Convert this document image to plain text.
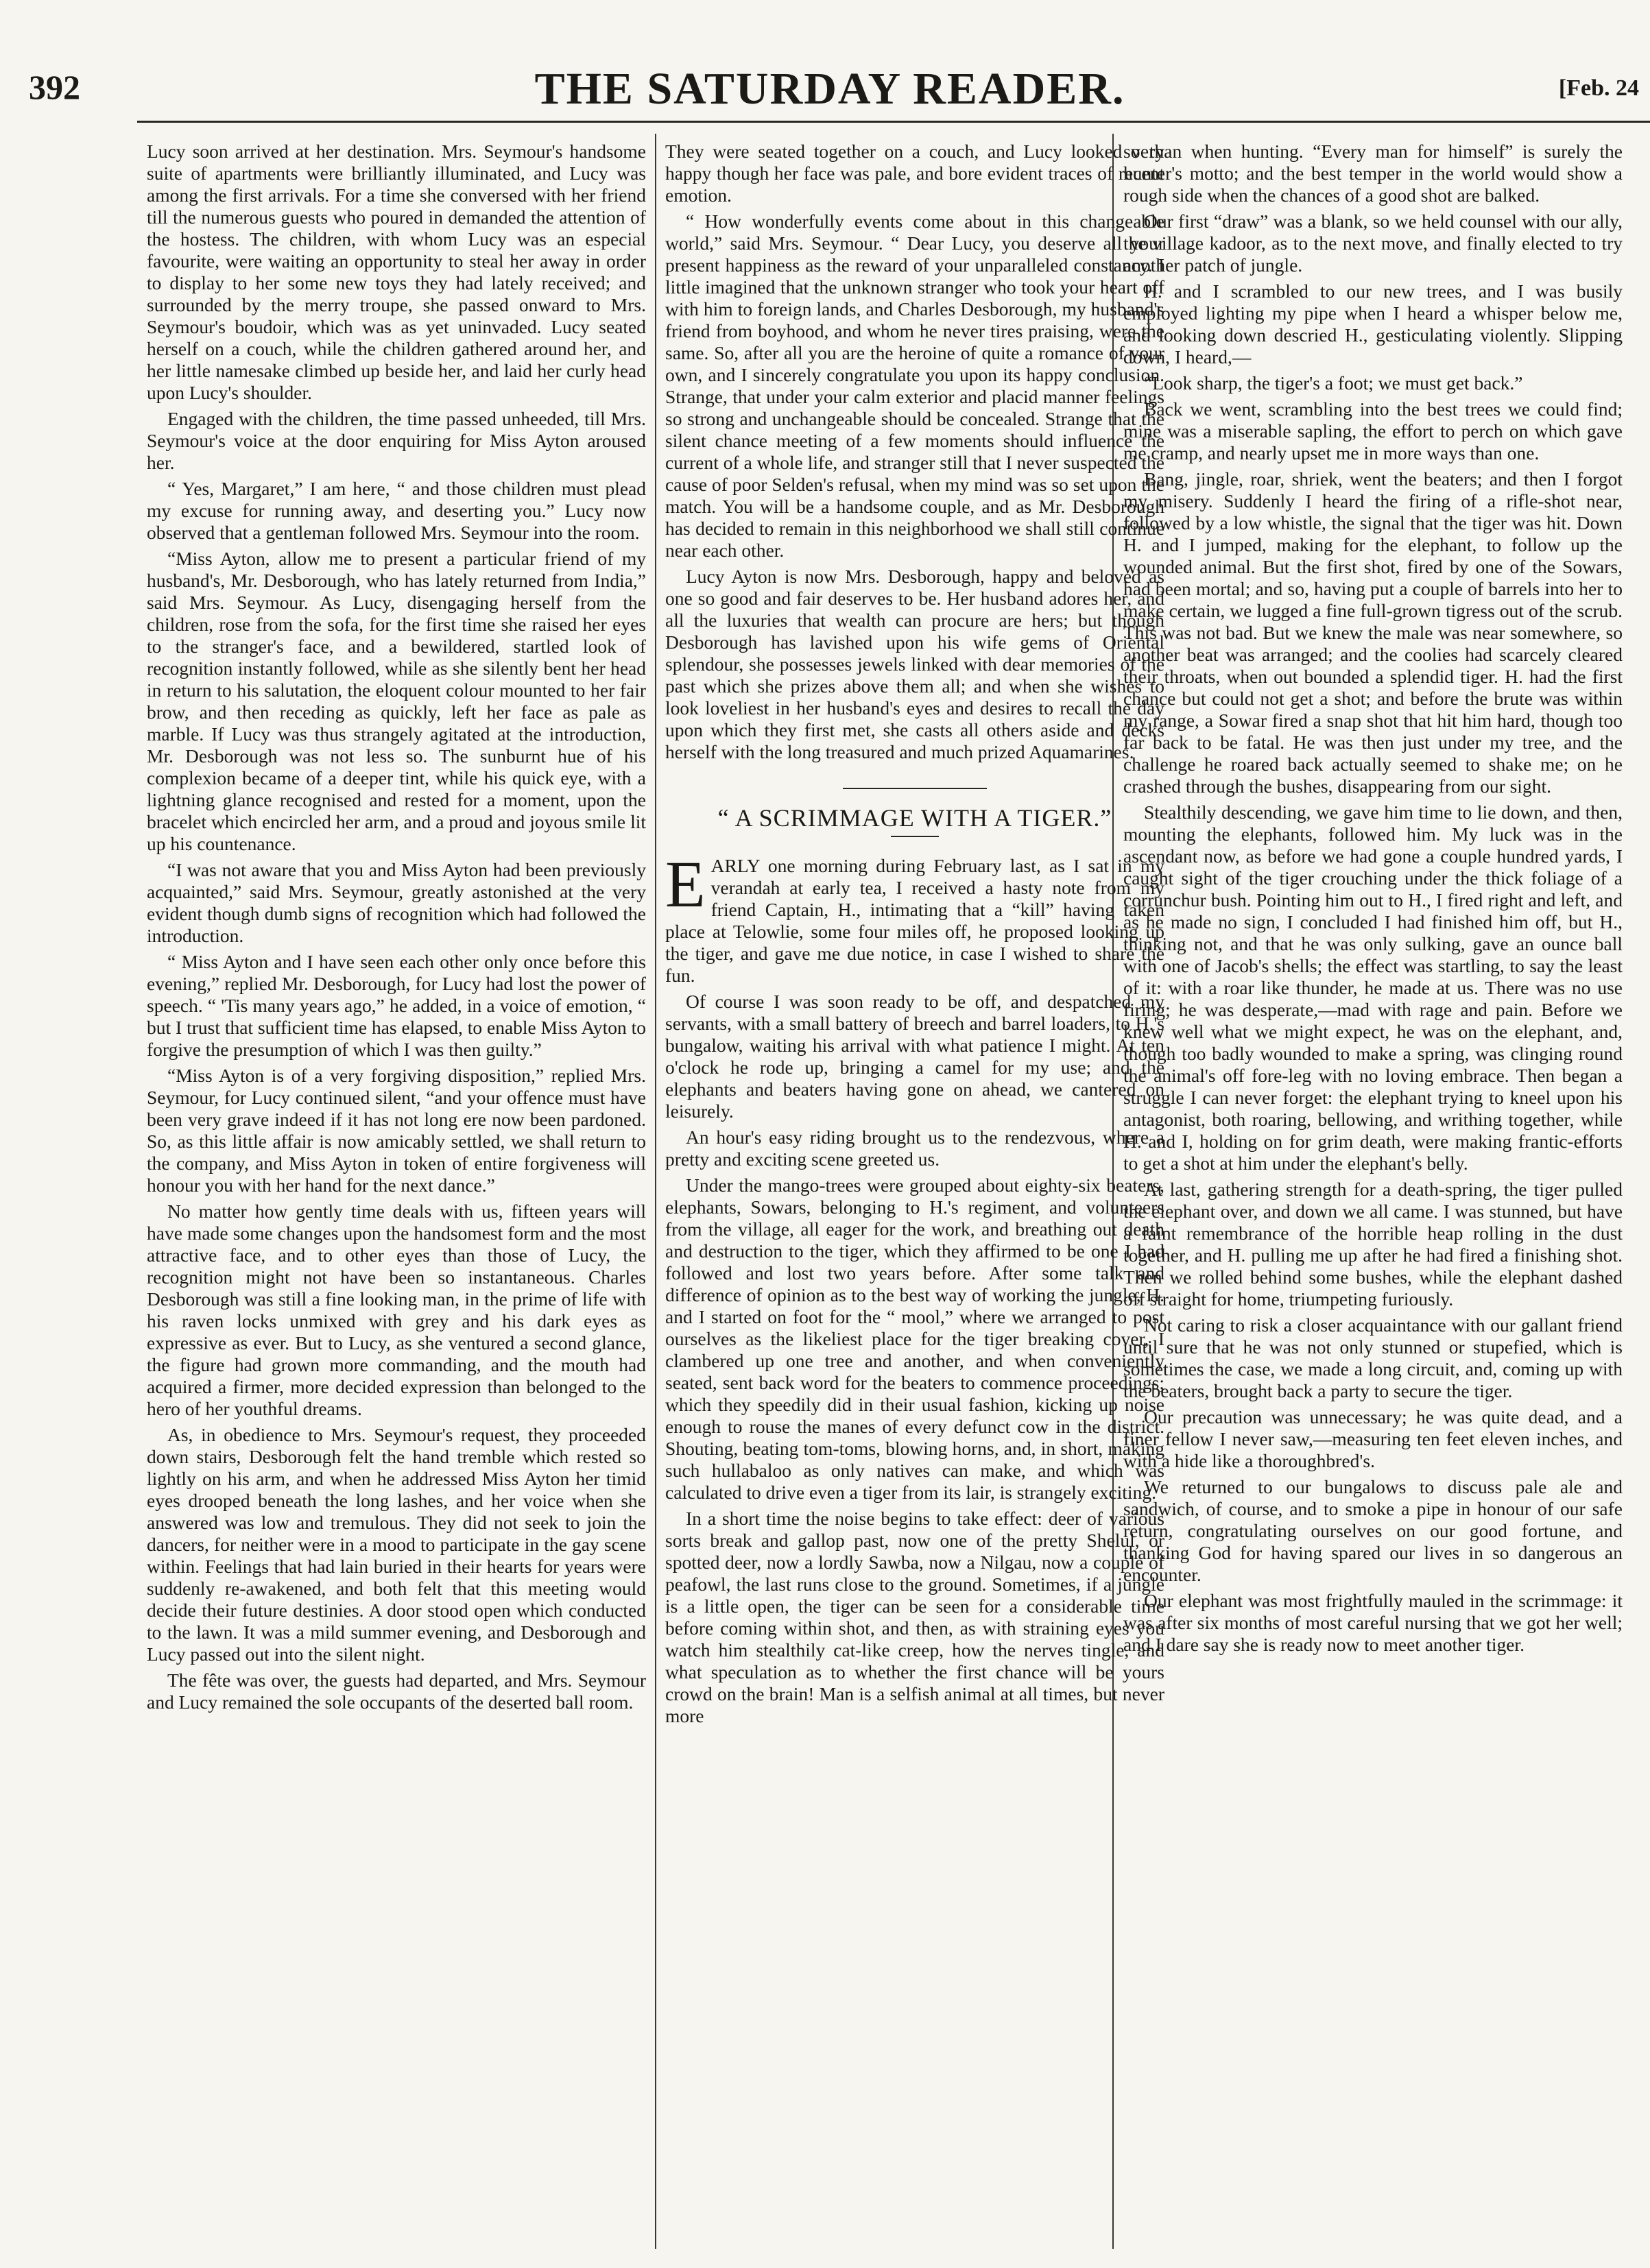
392	THE SATURDAY READER.	[Feb. 24

Lucy soon arrived at her destination. Mrs. Seymour's handsome suite of apartments were brilliantly illuminated, and Lucy was among the first arrivals. For a time she conversed with her friend till the numerous guests who poured in demanded the attention of the hostess. The children, with whom Lucy was an especial favourite, were waiting an opportunity to steal her away in order to display to her some new toys they had lately received; and surrounded by the merry troupe, she passed onward to Mrs. Seymour's boudoir, which was as yet uninvaded. Lucy seated herself on a couch, while the children gathered around her, and her little namesake climbed up beside her, and laid her curly head upon Lucy's shoulder.

Engaged with the children, the time passed unheeded, till Mrs. Seymour's voice at the door enquiring for Miss Ayton aroused her.

“ Yes, Margaret,” I am here, “ and those children must plead my excuse for running away, and deserting you.” Lucy now observed that a gentleman followed Mrs. Seymour into the room.

“Miss Ayton, allow me to present a particular friend of my husband's, Mr. Desborough, who has lately returned from India,” said Mrs. Seymour. As Lucy, disengaging herself from the children, rose from the sofa, for the first time she raised her eyes to the stranger's face, and a bewildered, startled look of recognition instantly followed, while as she silently bent her head in return to his salutation, the eloquent colour mounted to her fair brow, and then receding as quickly, left her face as pale as marble. If Lucy was thus strangely agitated at the introduction, Mr. Desborough was not less so. The sunburnt hue of his complexion became of a deeper tint, while his quick eye, with a lightning glance recognised and rested for a moment, upon the bracelet which encircled her arm, and a proud and joyous smile lit up his countenance.

“I was not aware that you and Miss Ayton had been previously acquainted,” said Mrs. Seymour, greatly astonished at the very evident though dumb signs of recognition which had followed the introduction.

“ Miss Ayton and I have seen each other only once before this evening,” replied Mr. Desborough, for Lucy had lost the power of speech. “ 'Tis many years ago,” he added, in a voice of emotion, “ but I trust that sufficient time has elapsed, to enable Miss Ayton to forgive the presumption of which I was then guilty.”

“Miss Ayton is of a very forgiving disposition,” replied Mrs. Seymour, for Lucy continued silent, “and your offence must have been very grave indeed if it has not long ere now been pardoned. So, as this little affair is now amicably settled, we shall return to the company, and Miss Ayton in token of entire forgiveness will honour you with her hand for the next dance.”

No matter how gently time deals with us, fifteen years will have made some changes upon the handsomest form and the most attractive face, and to other eyes than those of Lucy, the recognition might not have been so instantaneous. Charles Desborough was still a fine looking man, in the prime of life with his raven locks unmixed with grey and his dark eyes as expressive as ever. But to Lucy, as she ventured a second glance, the figure had grown more commanding, and the mouth had acquired a firmer, more decided expression than belonged to the hero of her youthful dreams.

As, in obedience to Mrs. Seymour's request, they proceeded down stairs, Desborough felt the hand tremble which rested so lightly on his arm, and when he addressed Miss Ayton her timid eyes drooped beneath the long lashes, and her voice when she answered was low and tremulous. They did not seek to join the dancers, for neither were in a mood to participate in the gay scene within. Feelings that had lain buried in their hearts for years were suddenly re-awakened, and both felt that this meeting would decide their future destinies. A door stood open which conducted to the lawn. It was a mild summer evening, and Desborough and Lucy passed out into the silent night.

The fête was over, the guests had departed, and Mrs. Seymour and Lucy remained the sole occupants of the deserted ball room.

They were seated together on a couch, and Lucy looked very happy though her face was pale, and bore evident traces of recent emotion.

“ How wonderfully events come about in this changeable world,” said Mrs. Seymour. “ Dear Lucy, you deserve all your present happiness as the reward of your unparalleled constancy. I little imagined that the unknown stranger who took your heart off with him to foreign lands, and Charles Desborough, my husband's friend from boyhood, and whom he never tires praising, were the same. So, after all you are the heroine of quite a romance of your own, and I sincerely congratulate you upon its happy conclusion. Strange, that under your calm exterior and placid manner feelings so strong and unchangeable should be concealed. Strange that the silent chance meeting of a few moments should influence the current of a whole life, and stranger still that I never suspected the cause of poor Selden's refusal, when my mind was so set upon the match. You will be a handsome couple, and as Mr. Desborough has decided to remain in this neighborhood we shall still continue near each other.

Lucy Ayton is now Mrs. Desborough, happy and beloved as one so good and fair deserves to be. Her husband adores her, and all the luxuries that wealth can procure are hers; but though Desborough has lavished upon his wife gems of Oriental splendour, she possesses jewels linked with dear memories of the past which she prizes above them all; and when she wishes to look loveliest in her husband's eyes and desires to recall the day upon which they first met, she casts all others aside and decks herself with the long treasured and much prized Aquamarines.

“ A SCRIMMAGE WITH A TIGER.”

EARLY one morning during February last, as I sat in my verandah at early tea, I received a hasty note from my friend Captain, H., intimating that a “kill” having taken place at Telowlie, some four miles off, he proposed looking up the tiger, and gave me due notice, in case I wished to share the fun.

Of course I was soon ready to be off, and despatched my servants, with a small battery of breech and barrel loaders, to H.'s bungalow, waiting his arrival with what patience I might. At ten o'clock he rode up, bringing a camel for my use; and the elephants and beaters having gone on ahead, we cantered on leisurely.

An hour's easy riding brought us to the rendezvous, where a pretty and exciting scene greeted us.

Under the mango-trees were grouped about eighty-six beaters, elephants, Sowars, belonging to H.'s regiment, and volunteers from the village, all eager for the work, and breathing out death and destruction to the tiger, which they affirmed to be one I had followed and lost two years before. After some talk and difference of opinion as to the best way of working the jungle, H. and I started on foot for the “ mool,” where we arranged to post ourselves as the likeliest place for the tiger breaking cover, I clambered up one tree and another, and when conveniently seated, sent back word for the beaters to commence proceedings; which they speedily did in their usual fashion, kicking up noise enough to rouse the manes of every defunct cow in the district. Shouting, beating tom-toms, blowing horns, and, in short, making such hullabaloo as only natives can make, and which was calculated to drive even a tiger from its lair, is strangely exciting.

In a short time the noise begins to take effect: deer of various sorts break and gallop past, now one of the pretty Shelul, or spotted deer, now a lordly Sawba, now a Nilgau, now a couple of peafowl, the last runs close to the ground. Sometimes, if a jungle is a little open, the tiger can be seen for a considerable time before coming within shot, and then, as with straining eyes you watch him stealthily cat-like creep, how the nerves tingle, and what speculation as to whether the first chance will be yours crowd on the brain! Man is a selfish animal at all times, but never more

so than when hunting. “Every man for himself” is surely the hunter's motto; and the best temper in the world would show a rough side when the chances of a good shot are balked.

Our first “draw” was a blank, so we held counsel with our ally, the village kadoor, as to the next move, and finally elected to try another patch of jungle.

H. and I scrambled to our new trees, and I was busily employed lighting my pipe when I heard a whisper below me, and looking down descried H., gesticulating violently. Slipping down, I heard,—

“Look sharp, the tiger's a foot; we must get back.”

Back we went, scrambling into the best trees we could find; mine was a miserable sapling, the effort to perch on which gave me cramp, and nearly upset me in more ways than one.

Bang, jingle, roar, shriek, went the beaters; and then I forgot my misery. Suddenly I heard the firing of a rifle-shot near, followed by a low whistle, the signal that the tiger was hit. Down H. and I jumped, making for the elephant, to follow up the wounded animal. But the first shot, fired by one of the Sowars, had been mortal; and so, having put a couple of barrels into her to make certain, we lugged a fine full-grown tigress out of the scrub. This was not bad. But we knew the male was near somewhere, so another beat was arranged; and the coolies had scarcely cleared their throats, when out bounded a splendid tiger. H. had the first chance but could not get a shot; and before the brute was within my range, a Sowar fired a snap shot that hit him hard, though too far back to be fatal. He was then just under my tree, and the challenge he roared back actually seemed to shake me; on he crashed through the bushes, disappearing from our sight.

Stealthily descending, we gave him time to lie down, and then, mounting the elephants, followed him. My luck was in the ascendant now, as before we had gone a couple hundred yards, I caught sight of the tiger crouching under the thick foliage of a corrunchur bush. Pointing him out to H., I fired right and left, and as he made no sign, I concluded I had finished him off, but H., thinking not, and that he was only sulking, gave an ounce ball with one of Jacob's shells; the effect was startling, to say the least of it: with a roar like thunder, he made at us. There was no use firing; he was desperate,—mad with rage and pain. Before we knew well what we might expect, he was on the elephant, and, though too badly wounded to make a spring, was clinging round the animal's off fore-leg with no loving embrace. Then began a struggle I can never forget: the elephant trying to kneel upon his antagonist, both roaring, bellowing, and writhing together, while H. and I, holding on for grim death, were making frantic-efforts to get a shot at him under the elephant's belly.

At last, gathering strength for a death-spring, the tiger pulled the elephant over, and down we all came. I was stunned, but have a faint remembrance of the horrible heap rolling in the dust together, and H. pulling me up after he had fired a finishing shot. Then we rolled behind some bushes, while the elephant dashed off straight for home, triumpeting furiously.

Not caring to risk a closer acquaintance with our gallant friend until sure that he was not only stunned or stupefied, which is sometimes the case, we made a long circuit, and, coming up with the beaters, brought back a party to secure the tiger.

Our precaution was unnecessary; he was quite dead, and a finer fellow I never saw,—measuring ten feet eleven inches, and with a hide like a thoroughbred's.

We returned to our bungalows to discuss pale ale and sandwich, of course, and to smoke a pipe in honour of our safe return, congratulating ourselves on our good fortune, and thanking God for having spared our lives in so dangerous an encounter.

Our elephant was most frightfully mauled in the scrimmage: it was after six months of most careful nursing that we got her well; and I dare say she is ready now to meet another tiger.
